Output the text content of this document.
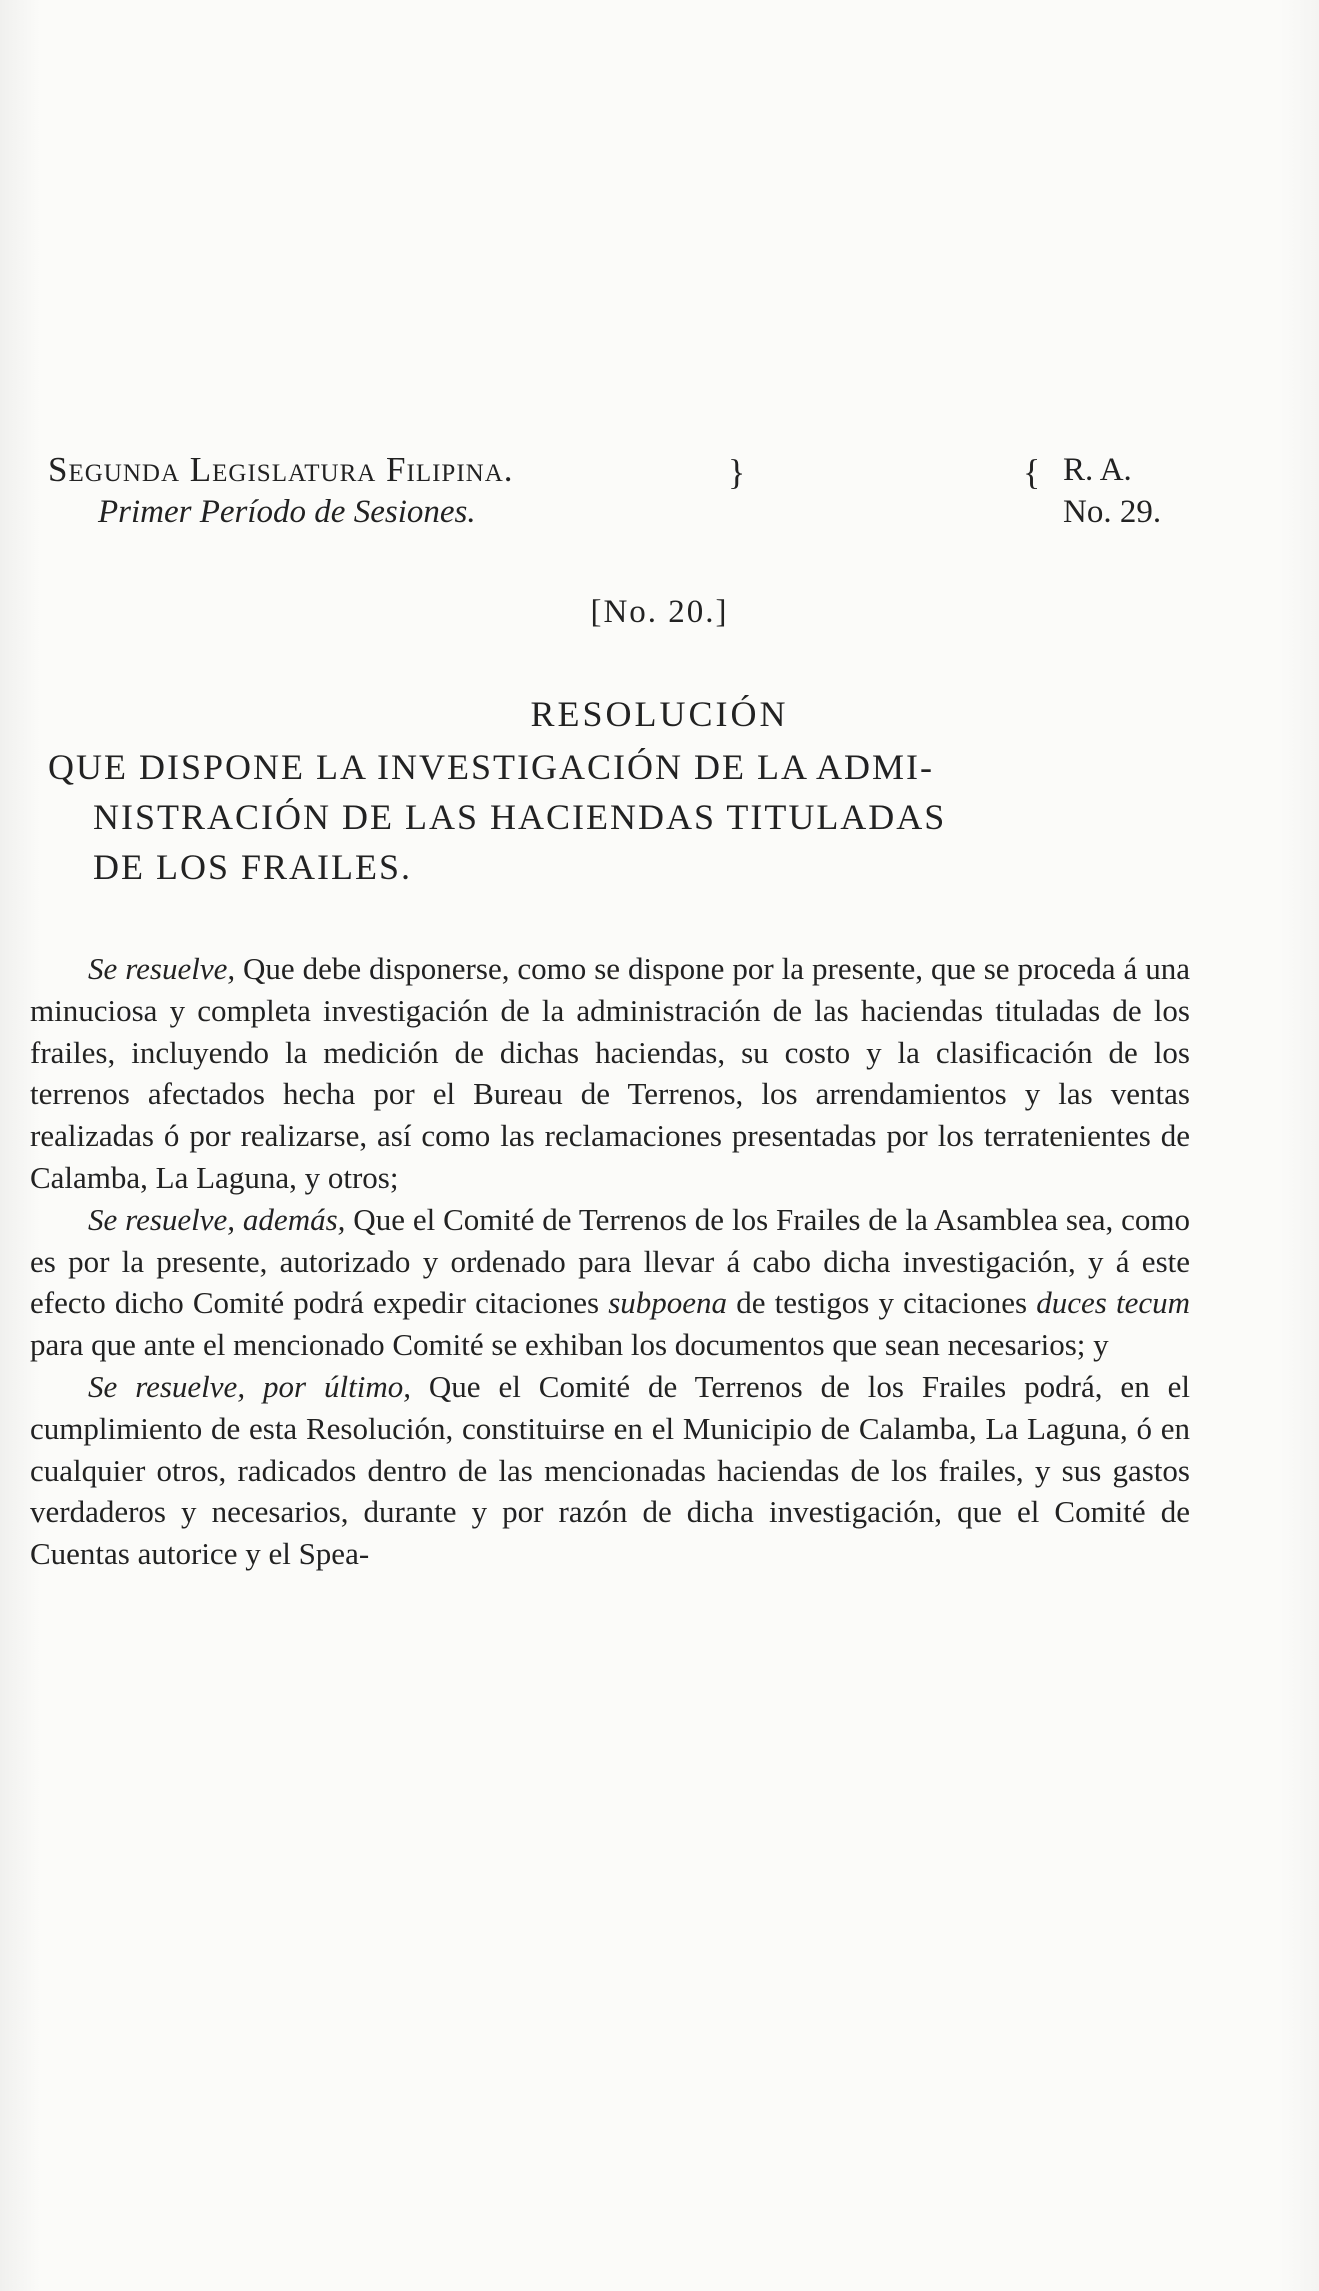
Segunda Legislatura Filipina.
Primer Período de Sesiones.
}	{ R. A.
No. 29.
[No. 20.]
RESOLUCIÓN
QUE DISPONE LA INVESTIGACIÓN DE LA ADMI-
NISTRACIÓN DE LAS HACIENDAS TITULADAS
DE LOS FRAILES.

Se resuelve, Que debe disponerse, como se dispone por la presente, que se proceda á una minuciosa y completa investigación de la administración de las haciendas tituladas de los frailes, incluyendo la medición de dichas haciendas, su costo y la clasificación de los terrenos afectados hecha por el Bureau de Terrenos, los arrendamientos y las ventas realizadas ó por realizarse, así como las reclamaciones presentadas por los terratenientes de Calamba, La Laguna, y otros;

Se resuelve, además, Que el Comité de Terrenos de los Frailes de la Asamblea sea, como es por la presente, autorizado y ordenado para llevar á cabo dicha investigación, y á este efecto dicho Comité podrá expedir citaciones subpoena de testigos y citaciones duces tecum para que ante el mencionado Comité se exhiban los documentos que sean necesarios; y

Se resuelve, por último, Que el Comité de Terrenos de los Frailes podrá, en el cumplimiento de esta Resolución, constituirse en el Municipio de Calamba, La Laguna, ó en cualquier otros, radicados dentro de las mencionadas haciendas de los frailes, y sus gastos verdaderos y necesarios, durante y por razón de dicha investigación, que el Comité de Cuentas autorice y el Spea-
